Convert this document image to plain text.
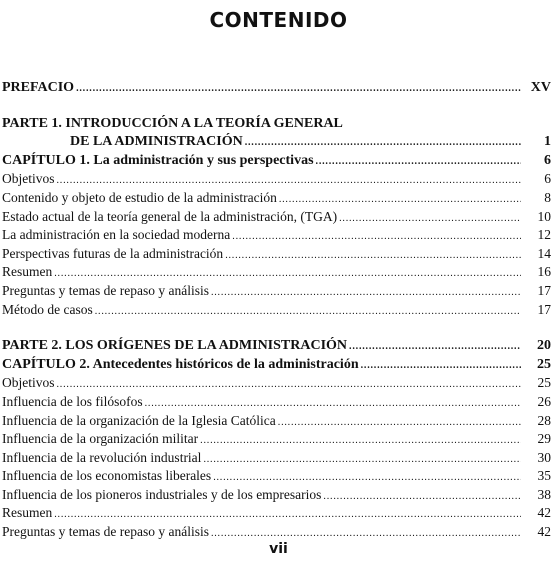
CONTENIDO
PREFACIO .....	XV
PARTE 1. INTRODUCCIÓN A LA TEORÍA GENERAL
DE LA ADMINISTRACIÓN .....	1
CAPÍTULO 1. La administración y sus perspectivas .....	6
Objetivos .....	6
Contenido y objeto de estudio de la administración .....	8
Estado actual de la teoría general de la administración, (TGA) .....	10
La administración en la sociedad moderna .....	12
Perspectivas futuras de la administración .....	14
Resumen .....	16
Preguntas y temas de repaso y análisis .....	17
Método de casos .....	17
PARTE 2. LOS ORÍGENES DE LA ADMINISTRACIÓN .....	20
CAPÍTULO 2. Antecedentes históricos de la administración .....	25
Objetivos .....	25
Influencia de los filósofos .....	26
Influencia de la organización de la Iglesia Católica .....	28
Influencia de la organización militar .....	29
Influencia de la revolución industrial .....	30
Influencia de los economistas liberales .....	35
Influencia de los pioneros industriales y de los empresarios .....	38
Resumen .....	42
Preguntas y temas de repaso y análisis .....	42
vii
